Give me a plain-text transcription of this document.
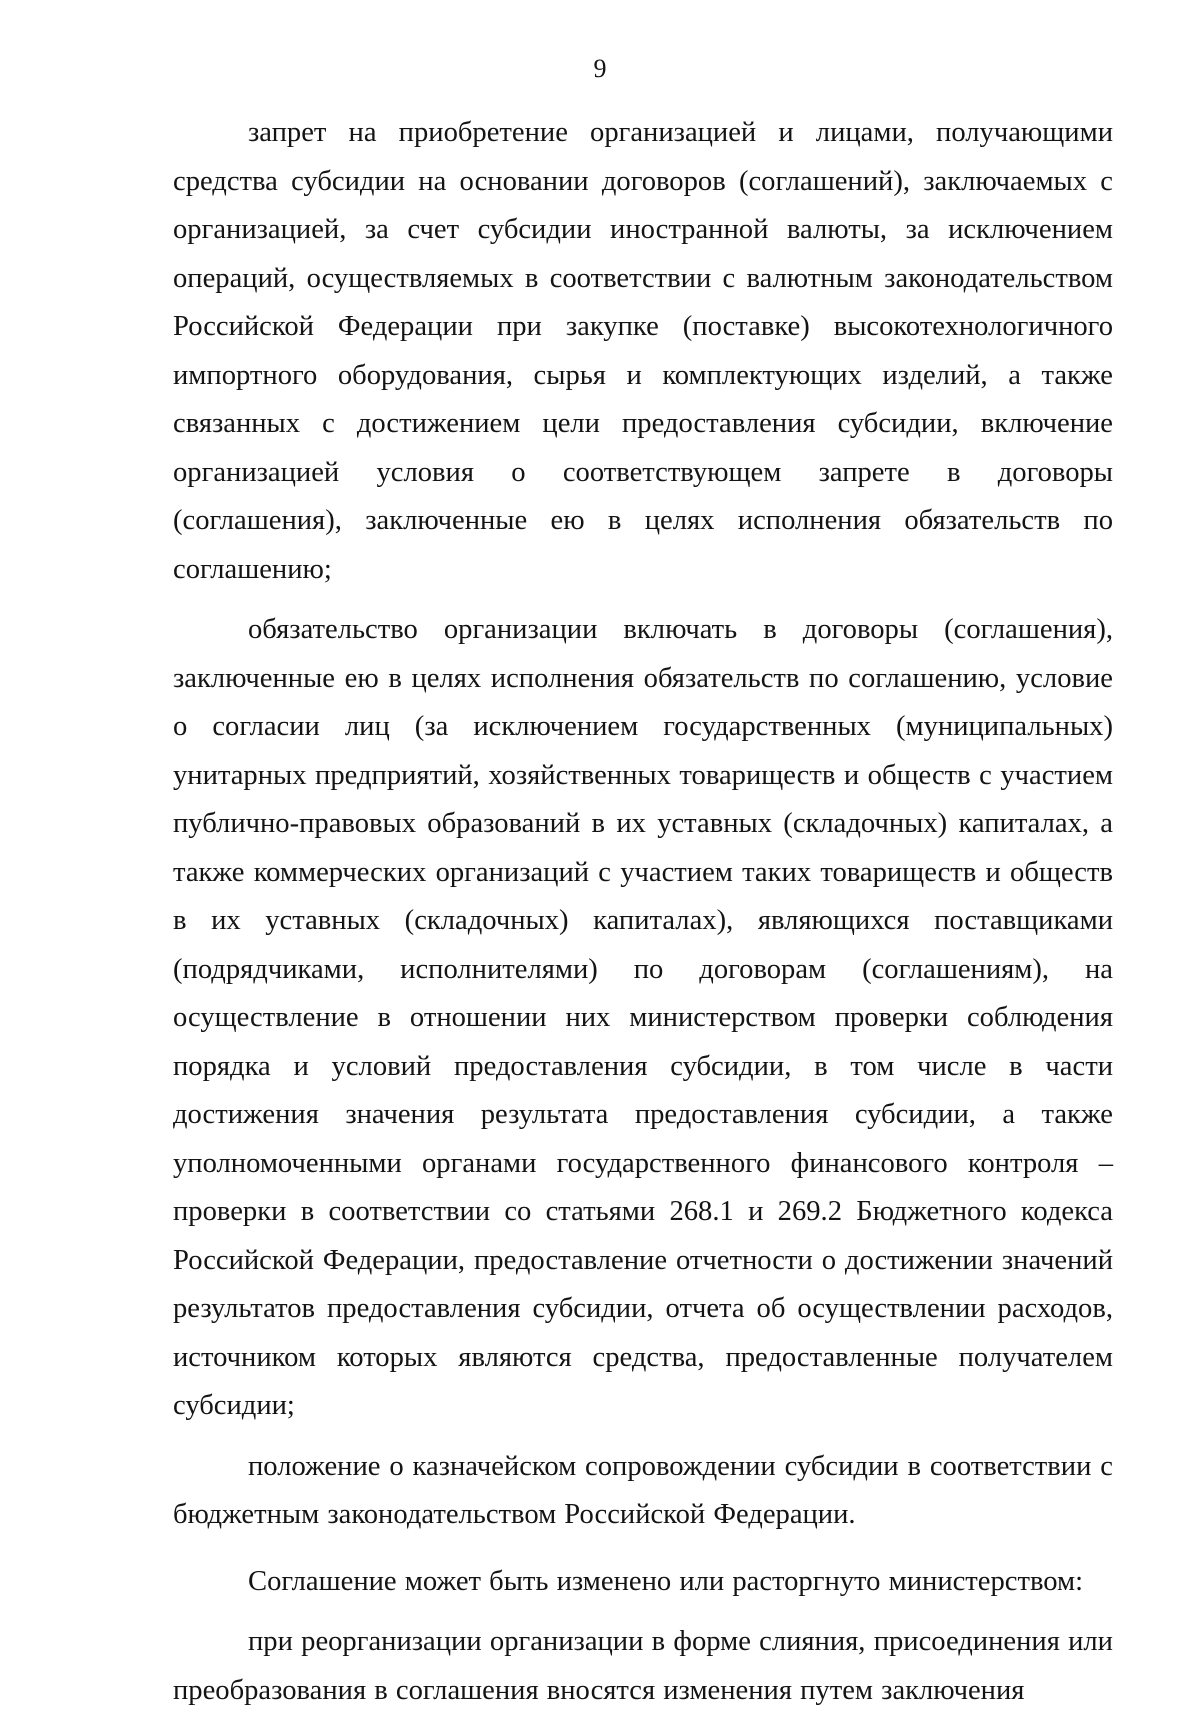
9

запрет на приобретение организацией и лицами, получающими средства субсидии на основании договоров (соглашений), заключаемых с организацией, за счет субсидии иностранной валюты, за исключением операций, осуществляемых в соответствии с валютным законодательством Российской Федерации при закупке (поставке) высокотехнологичного импортного оборудования, сырья и комплектующих изделий, а также связанных с достижением цели предоставления субсидии, включение организацией условия о соответствующем запрете в договоры (соглашения), заключенные ею в целях исполнения обязательств по соглашению;

обязательство организации включать в договоры (соглашения), заключенные ею в целях исполнения обязательств по соглашению, условие о согласии лиц (за исключением государственных (муниципальных) унитарных предприятий, хозяйственных товариществ и обществ с участием публично-правовых образований в их уставных (складочных) капиталах, а также коммерческих организаций с участием таких товариществ и обществ в их уставных (складочных) капиталах), являющихся поставщиками (подрядчиками, исполнителями) по договорам (соглашениям), на осуществление в отношении них министерством проверки соблюдения порядка и условий предоставления субсидии, в том числе в части достижения значения результата предоставления субсидии, а также уполномоченными органами государственного финансового контроля – проверки в соответствии со статьями 268.1 и 269.2 Бюджетного кодекса Российской Федерации, предоставление отчетности о достижении значений результатов предоставления субсидии, отчета об осуществлении расходов, источником которых являются средства, предоставленные получателем субсидии;

положение о казначейском сопровождении субсидии в соответствии с бюджетным законодательством Российской Федерации.

Соглашение может быть изменено или расторгнуто министерством:

при реорганизации организации в форме слияния, присоединения или преобразования в соглашения вносятся изменения путем заключения
